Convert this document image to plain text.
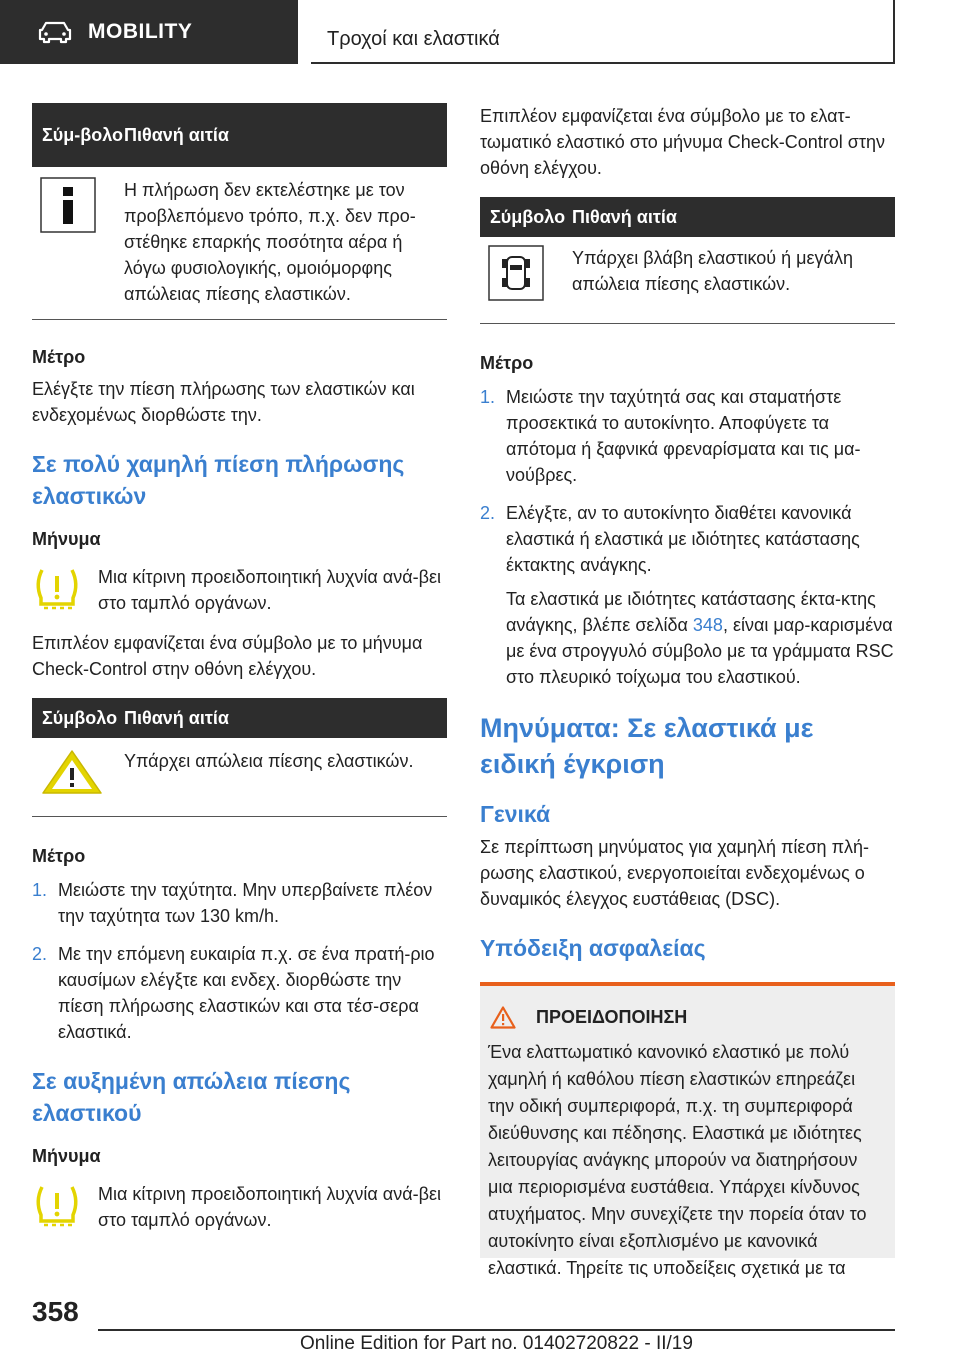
MOBILITY	Τροχοί και ελαστικά
Σύμ-βολο Πιθανή αιτία
Η πλήρωση δεν εκτελέστηκε με τον προβλεπόμενο τρόπο, π.χ. δεν προ-στέθηκε επαρκής ποσότητα αέρα ή λόγω φυσιολογικής, ομοιόμορφης απώλειας πίεσης ελαστικών.

Μέτρο

Ελέγξτε την πίεση πλήρωσης των ελαστικών και ενδεχομένως διορθώστε την.

Σε πολύ χαμηλή πίεση πλήρωσης ελαστικών

Μήνυμα

Μια κίτρινη προειδοποιητική λυχνία ανά-βει στο ταμπλό οργάνων.

Επιπλέον εμφανίζεται ένα σύμβολο με το μήνυμα Check-Control στην οθόνη ελέγχου.

Σύμβολο Πιθανή αιτία
Υπάρχει απώλεια πίεσης ελαστικών.

Μέτρο

1. Μειώστε την ταχύτητα. Μην υπερβαίνετε πλέον την ταχύτητα των 130 km/h.
2. Με την επόμενη ευκαιρία π.χ. σε ένα πρατή-ριο καυσίμων ελέγξτε και ενδεχ. διορθώστε την πίεση πλήρωσης ελαστικών και στα τέσ-σερα ελαστικά.
Σε αυξημένη απώλεια πίεσης ελαστικού

Μήνυμα

Μια κίτρινη προειδοποιητική λυχνία ανά-βει στο ταμπλό οργάνων.

Επιπλέον εμφανίζεται ένα σύμβολο με το ελατ-τωματικό ελαστικό στο μήνυμα Check-Control στην οθόνη ελέγχου.

Σύμβολο Πιθανή αιτία
Υπάρχει βλάβη ελαστικού ή μεγάλη απώλεια πίεσης ελαστικών.

Μέτρο

1. Μειώστε την ταχύτητά σας και σταματήστε προσεκτικά το αυτοκίνητο. Αποφύγετε τα απότομα ή ξαφνικά φρεναρίσματα και τις μα-νούβρες.
2. Ελέγξτε, αν το αυτοκίνητο διαθέτει κανονικά ελαστικά ή ελαστικά με ιδιότητες κατάστασης έκτακτης ανάγκης.

Τα ελαστικά με ιδιότητες κατάστασης έκτα-κτης ανάγκης, βλέπε σελίδα 348, είναι μαρ-καρισμένα με ένα στρογγυλό σύμβολο με τα γράμματα RSC στο πλευρικό τοίχωμα του ελαστικού.

Μηνύματα: Σε ελαστικά με ειδική έγκριση
Γενικά

Σε περίπτωση μηνύματος για χαμηλή πίεση πλή-ρωσης ελαστικού, ενεργοποιείται ενδεχομένως ο δυναμικός έλεγχος ευστάθειας (DSC).

Υπόδειξη ασφαλείας
ΠΡΟΕΙΔΟΠΟΙΗΣΗ

Ένα ελαττωματικό κανονικό ελαστικό με πολύ χαμηλή ή καθόλου πίεση ελαστικών επηρεάζει την οδική συμπεριφορά, π.χ. τη συμπεριφορά διεύθυνσης και πέδησης. Ελαστικά με ιδιότητες λειτουργίας ανάγκης μπορούν να διατηρήσουν μια περιορισμένα ευστάθεια. Υπάρχει κίνδυνος ατυχήματος. Μην συνεχίζετε την πορεία όταν το αυτοκίνητο είναι εξοπλισμένο με κανονικά ελαστικά. Τηρείτε τις υποδείξεις σχετικά με τα

358
Online Edition for Part no. 01402720822 - II/19
